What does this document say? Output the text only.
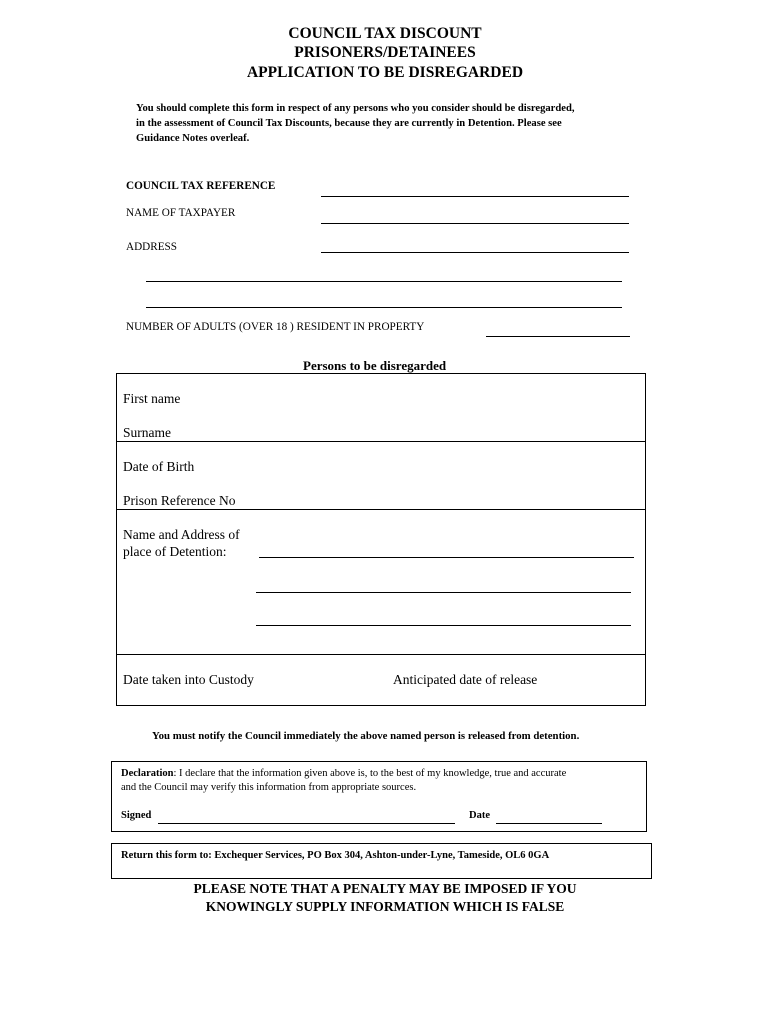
COUNCIL TAX DISCOUNT
PRISONERS/DETAINEES
APPLICATION TO BE DISREGARDED
You should complete this form in respect of any persons who you consider should be disregarded,
in the assessment of Council Tax Discounts, because they are currently in Detention. Please see
Guidance Notes overleaf.
COUNCIL TAX REFERENCE
NAME OF TAXPAYER
ADDRESS
NUMBER OF ADULTS (OVER 18 ) RESIDENT IN PROPERTY
Persons to be disregarded
First name
Surname
Date of Birth
Prison Reference No
Name and Address of
place of Detention:
Date taken into Custody	Anticipated date of release
You must notify the Council immediately the above named person is released from detention.
Declaration: I declare that the information given above is, to the best of my knowledge, true and accurate
and the Council may verify this information from appropriate sources.
Signed	Date
Return this form to: Exchequer Services, PO Box 304, Ashton-under-Lyne, Tameside, OL6 0GA
PLEASE NOTE THAT A PENALTY MAY BE IMPOSED IF YOU
KNOWINGLY SUPPLY INFORMATION WHICH IS FALSE
